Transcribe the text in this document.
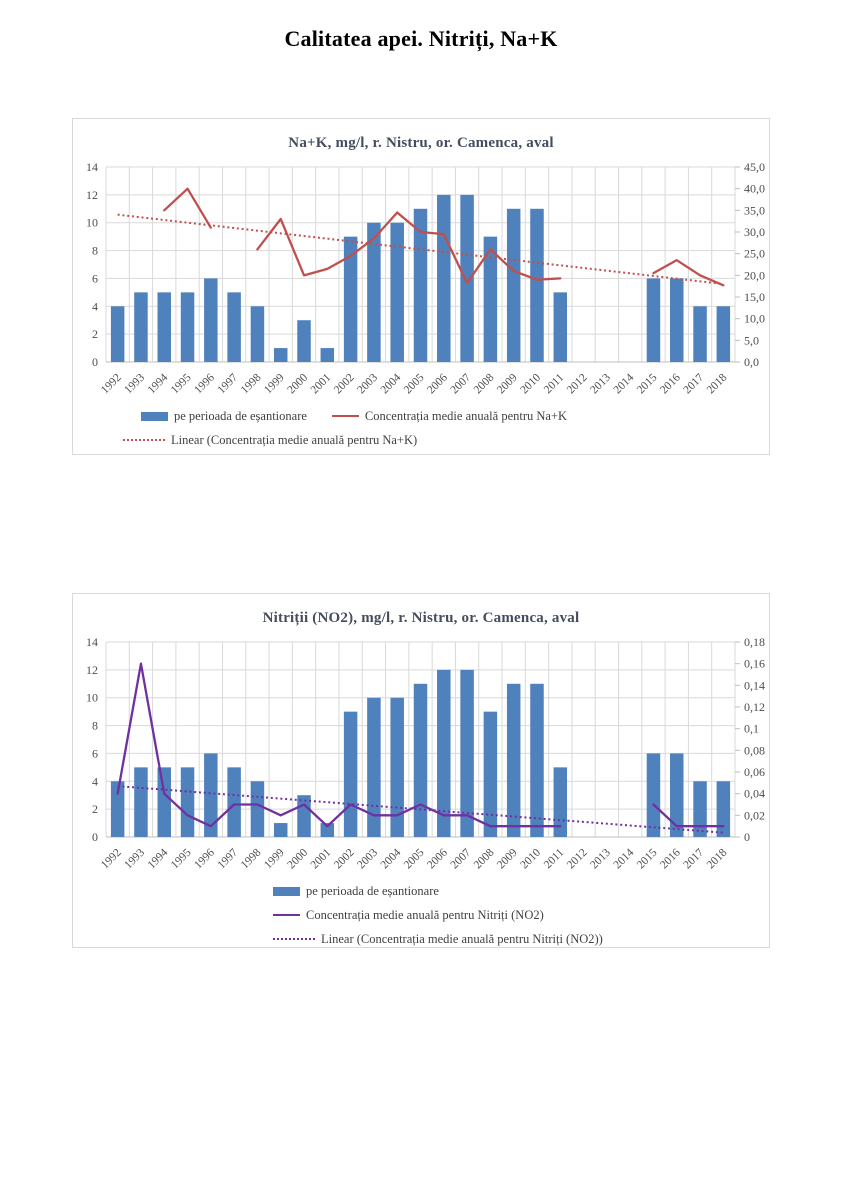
Calitatea apei. Nitriți, Na+K
Na+K, mg/l, r. Nistru, or. Camenca, aval
0
2
4
6
8
10
12
14
0,0
5,0
10,0
15,0
20,0
25,0
30,0
35,0
40,0
45,0
1992
1993
1994
1995
1996
1997
1998
1999
2000
2001
2002
2003
2004
2005
2006
2007
2008
2009
2010
2011
2012
2013
2014
2015
2016
2017
2018
pe perioada de eșantionare	Concentrația medie anuală pentru Na+K
Linear (Concentrația medie anuală pentru Na+K)
Nitriții (NO2), mg/l, r. Nistru, or. Camenca, aval
0
2
4
6
8
10
12
14
0
0,02
0,04
0,06
0,08
0,1
0,12
0,14
0,16
0,18
1992
1993
1994
1995
1996
1997
1998
1999
2000
2001
2002
2003
2004
2005
2006
2007
2008
2009
2010
2011
2012
2013
2014
2015
2016
2017
2018
pe perioada de eșantionare
Concentrația medie anuală pentru Nitriți (NO2)
Linear (Concentrația medie anuală pentru Nitriți (NO2))
